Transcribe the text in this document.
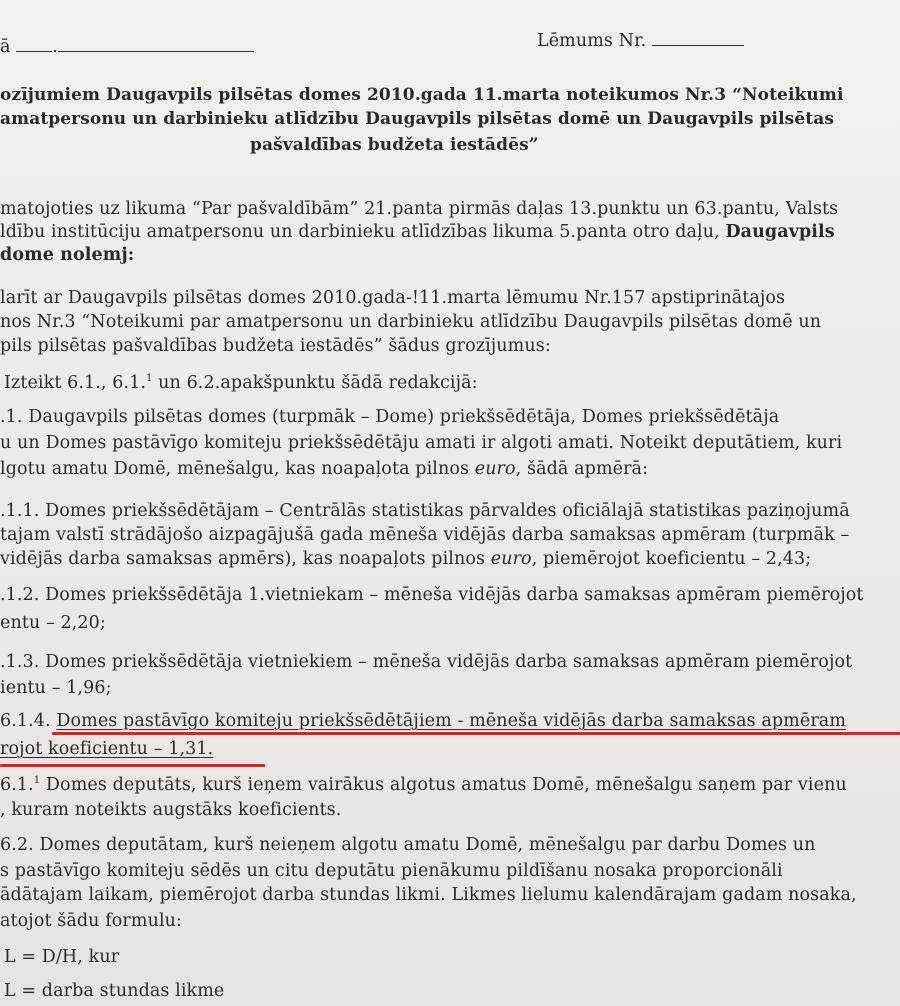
ā .	Lēmums Nr.
ozījumiem Daugavpils pilsētas domes 2010.gada 11.marta noteikumos Nr.3 “Noteikumi
amatpersonu un darbinieku atlīdzību Daugavpils pilsētas domē un Daugavpils pilsētas
pašvaldības budžeta iestādēs”
matojoties uz likuma “Par pašvaldībām” 21.panta pirmās daļas 13.punktu un 63.pantu, Valsts
ldību institūciju amatpersonu un darbinieku atlīdzības likuma 5.panta otro daļu, Daugavpils
dome nolemj:
larīt ar Daugavpils pilsētas domes 2010.gada-!11.marta lēmumu Nr.157 apstiprinātajos
nos Nr.3 “Noteikumi par amatpersonu un darbinieku atlīdzību Daugavpils pilsētas domē un
pils pilsētas pašvaldības budžeta iestādēs” šādus grozījumus:
Izteikt 6.1., 6.1.$^1$ un 6.2.apakšpunktu šādā redakcijā:
.1. Daugavpils pilsētas domes (turpmāk – Dome) priekšsēdētāja, Domes priekšsēdētāja
u un Domes pastāvīgo komiteju priekšsēdētāju amati ir algoti amati. Noteikt deputātiem, kuri
lgotu amatu Domē, mēnešalgu, kas noapaļota pilnos euro, šādā apmērā:
.1.1. Domes priekšsēdētājam – Centrālās statistikas pārvaldes oficiālajā statistikas paziņojumā
tajam valstī strādājošo aizpagājušā gada mēneša vidējās darba samaksas apmēram (turpmāk –
vidējās darba samaksas apmērs), kas noapaļots pilnos euro, piemērojot koeficientu – 2,43;
.1.2. Domes priekšsēdētāja 1.vietniekam – mēneša vidējās darba samaksas apmēram piemērojot
entu – 2,20;
.1.3. Domes priekšsēdētāja vietniekiem – mēneša vidējās darba samaksas apmēram piemērojot
ientu – 1,96;
6.1.4. Domes pastāvīgo komiteju priekšsēdētājiem - mēneša vidējās darba samaksas apmēram
rojot koeficientu – 1,31.
6.1.$^1$ Domes deputāts, kurš ieņem vairākus algotus amatus Domē, mēnešalgu saņem par vienu
, kuram noteikts augstāks koeficients.
6.2. Domes deputātam, kurš neieņem algotu amatu Domē, mēnešalgu par darbu Domes un
s pastāvīgo komiteju sēdēs un citu deputātu pienākumu pildīšanu nosaka proporcionāli
ādātajam laikam, piemērojot darba stundas likmi. Likmes lielumu kalendārajam gadam nosaka,
atojot šādu formulu:
L = D/H, kur
L = darba stundas likme
